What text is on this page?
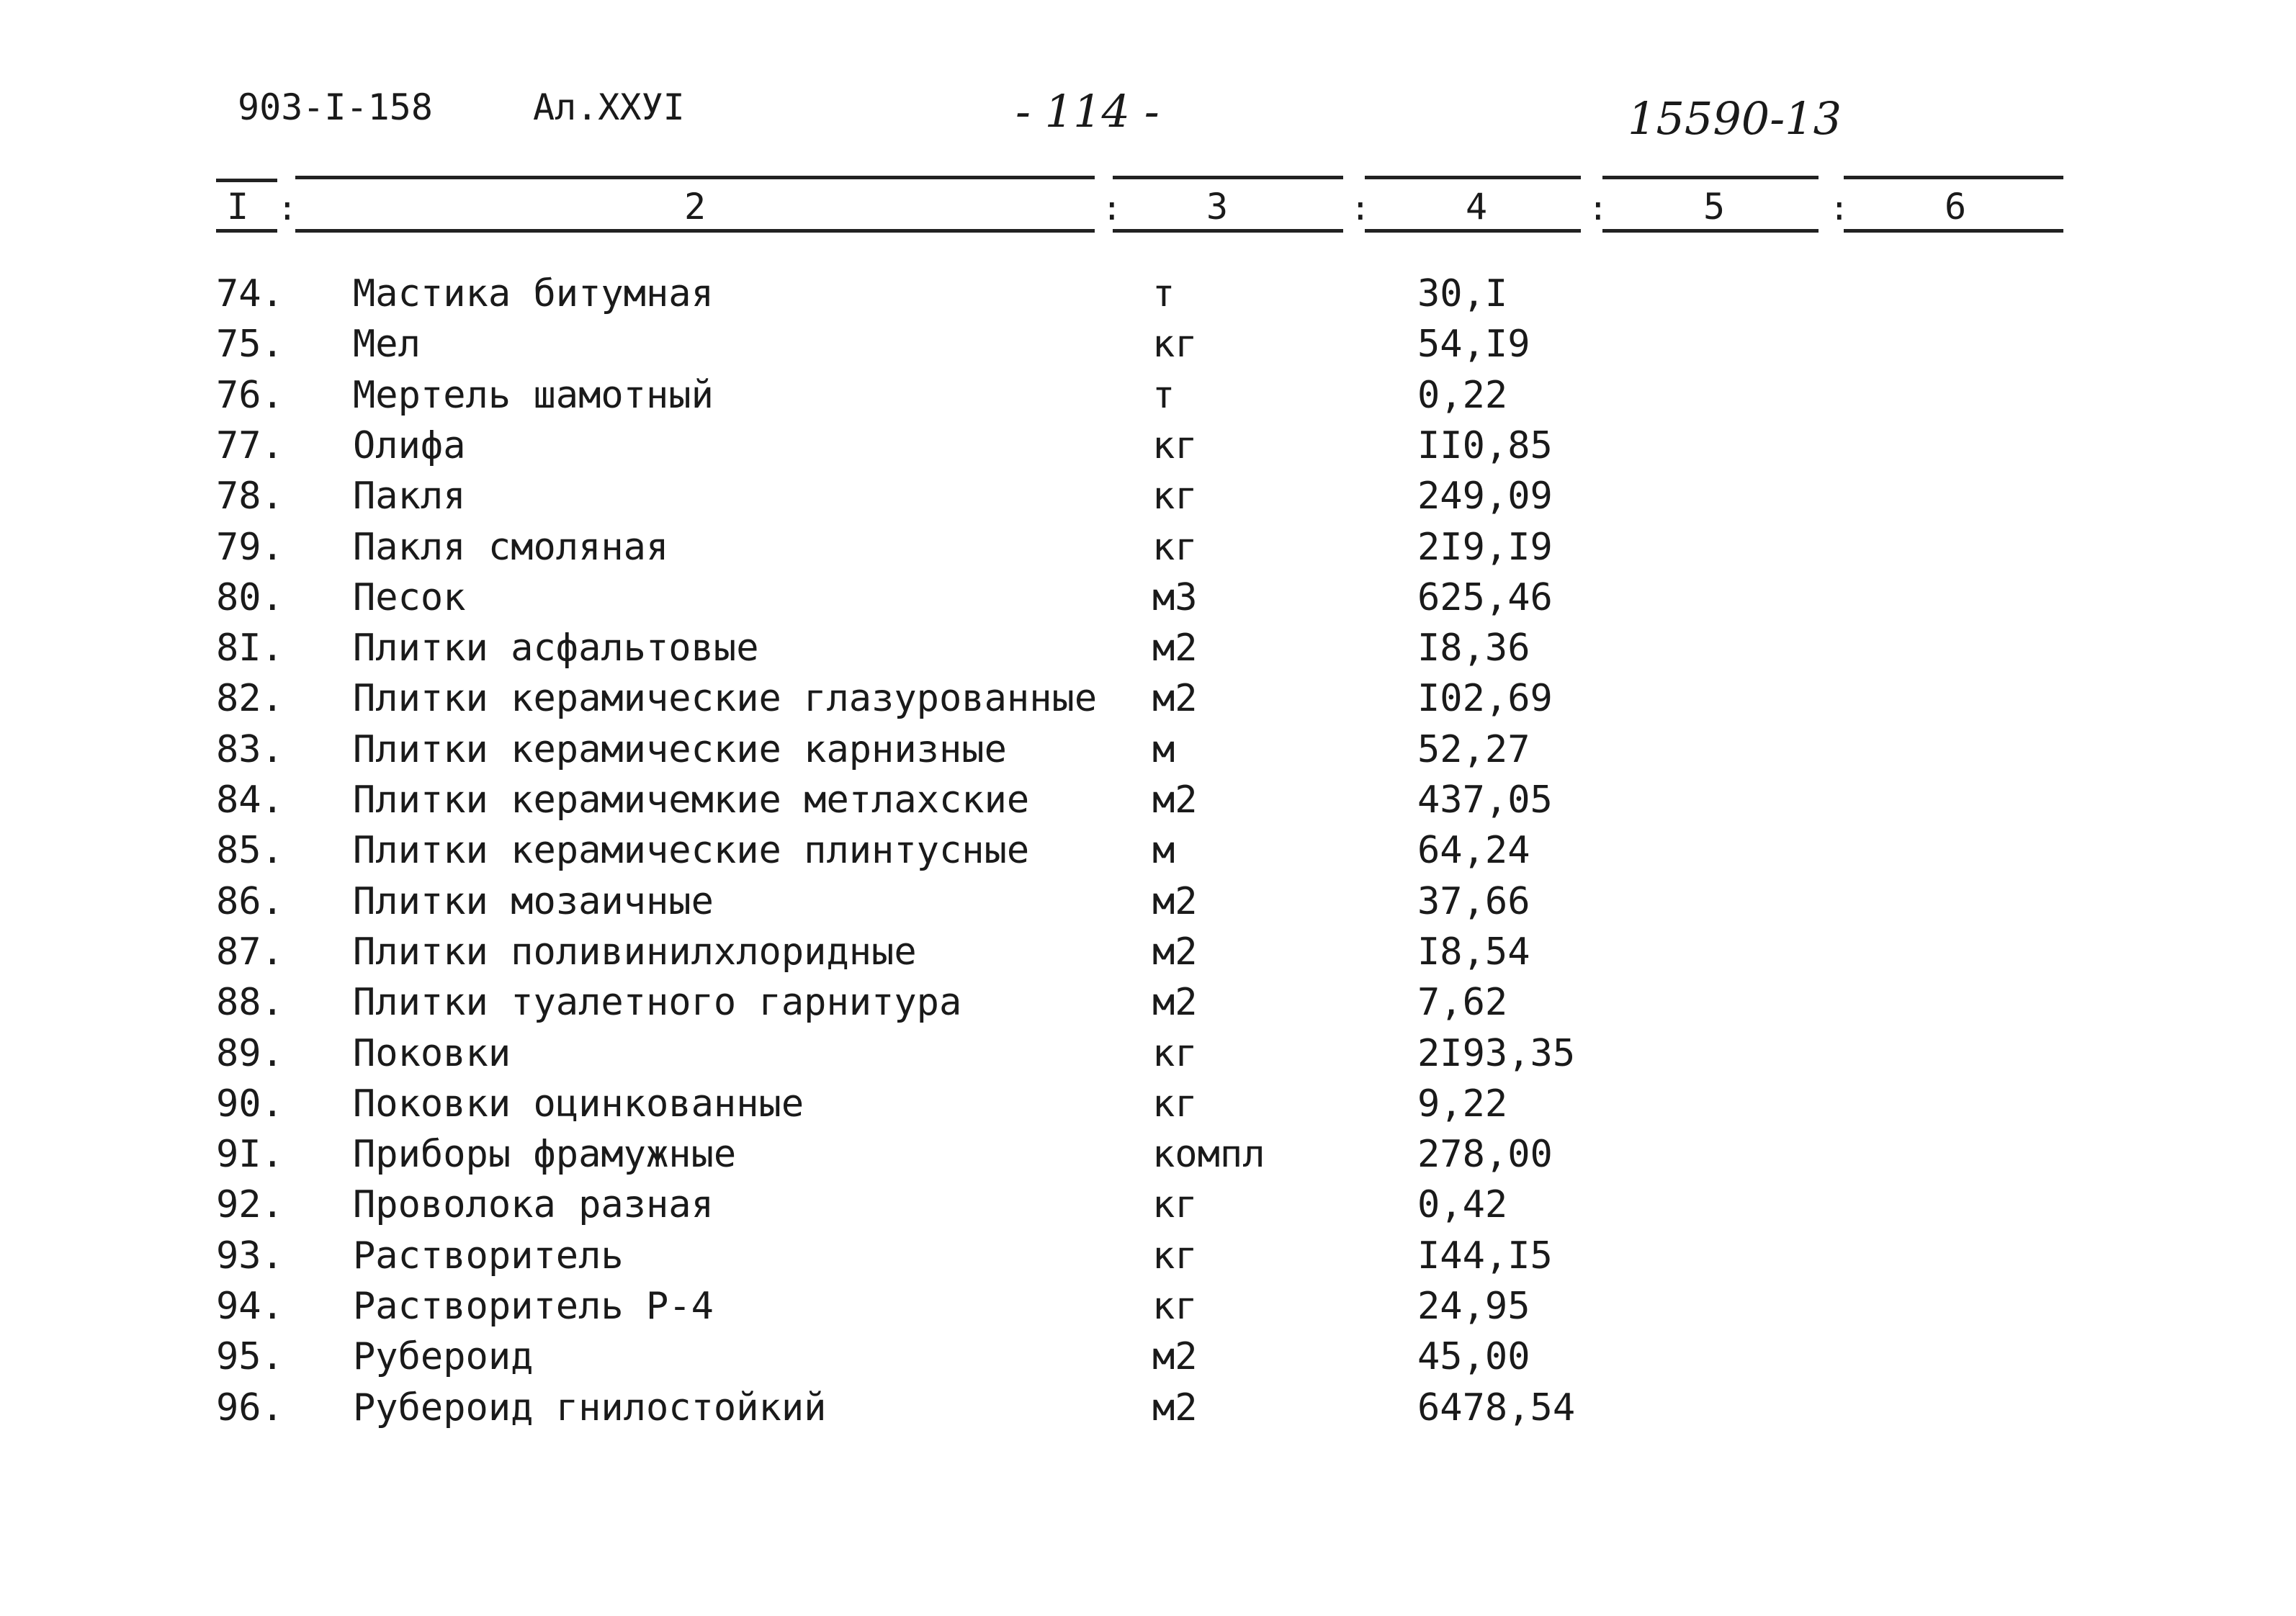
903-I-158	Ал.XXУI	- 114 -	15590-13
I :	2	:	3	:	4	:	5	:	6
74. Мастика битумная	т	30,I
75. Мел	кг	54,I9
76. Мертель шамотный	т	0,22
77. Олифа	кг	II0,85
78. Пакля	кг	249,09
79. Пакля смоляная	кг	2I9,I9
80. Песок	м3	625,46
8I. Плитки асфальтовые	м2	I8,36
82. Плитки керамические глазурованные м2	I02,69
83. Плитки керамические карнизные	м	52,27
84. Плитки керамичемкие метлахские	м2	437,05
85. Плитки керамические плинтусные	м	64,24
86. Плитки мозаичные	м2	37,66
87. Плитки поливинилхлоридные	м2	I8,54
88. Плитки туалетного гарнитура	м2	7,62
89. Поковки	кг	2I93,35
90. Поковки оцинкованные	кг	9,22
9I. Приборы фрамужные	компл	278,00
92. Проволока разная	кг	0,42
93. Растворитель	кг	I44,I5
94. Растворитель Р-4	кг	24,95
95. Рубероид	м2	45,00
96. Рубероид гнилостойкий	м2	6478,54
